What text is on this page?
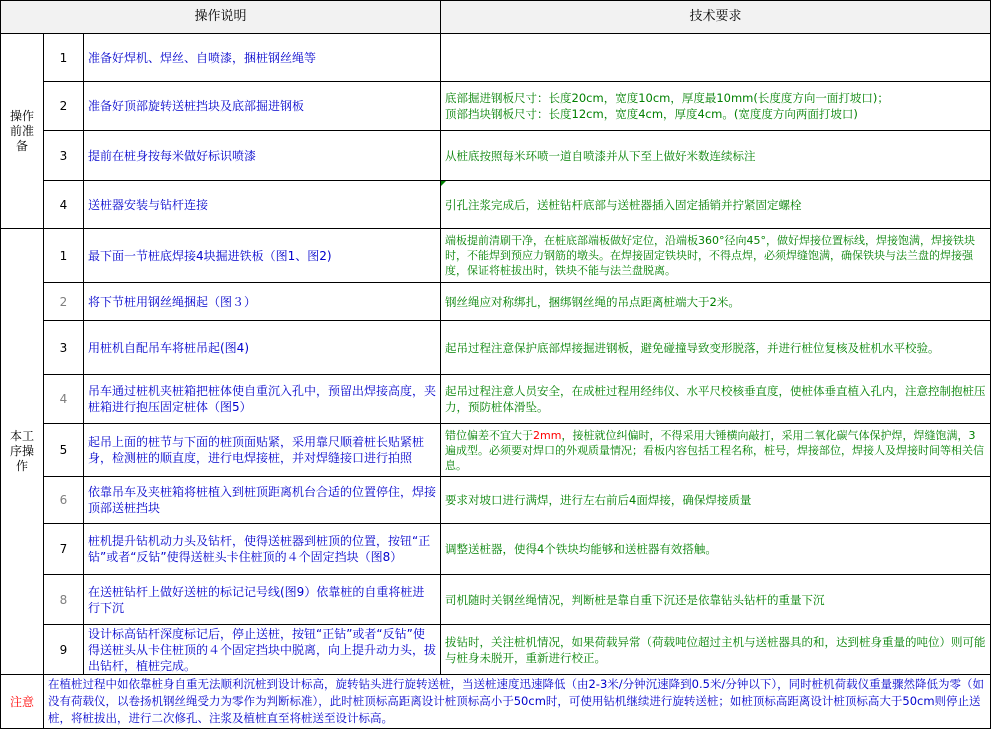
操作说明			技术要求
操作前准备	1	准备好焊机、焊丝、自喷漆，捆桩钢丝绳等	
	2	准备好顶部旋转送桩挡块及底部掘进钢板	底部掘进钢板尺寸：长度20cm，宽度10cm，厚度最10mm(长度度方向一面打坡口)；
顶部挡块钢板尺寸：长度12cm，宽度4cm，厚度4cm。(宽度度方向两面打坡口)
	3	提前在桩身按每米做好标识喷漆	从桩底按照每米环喷一道自喷漆并从下至上做好米数连续标注
	4	送桩器安装与钻杆连接	引孔注浆完成后，送桩钻杆底部与送桩器插入固定插销并拧紧固定螺栓
本工序操作	1	最下面一节桩底焊接4块掘进铁板（图1、图2)	端板提前清刷干净，在桩底部端板做好定位，沿端板360°径向45°，做好焊接位置标线，焊接饱满，焊接铁块时，不能焊到预应力钢筋的墩头。在焊接固定铁块时，不得点焊，必须焊缝饱满，确保铁块与法兰盘的焊接强度，保证将桩拔出时，铁块不能与法兰盘脱离。
	2	将下节桩用钢丝绳捆起（图３）	钢丝绳应对称绑扎，捆绑钢丝绳的吊点距离桩端大于2米。
	3	用桩机自配吊车将桩吊起(图4)	起吊过程注意保护底部焊接掘进钢板，避免碰撞导致变形脱落，并进行桩位复核及桩机水平校验。
	4	吊车通过桩机夹桩箱把桩体使自重沉入孔中，预留出焊接高度，夹桩箱进行抱压固定桩体（图5）	起吊过程注意人员安全，在成桩过程用经纬仪、水平尺校核垂直度，使桩体垂直植入孔内，注意控制抱桩压力，预防桩体滑坠。
	5	起吊上面的桩节与下面的桩顶面贴紧，采用靠尺顺着桩长贴紧桩身，检测桩的顺直度，进行电焊接桩，并对焊缝接口进行拍照	错位偏差不宜大于2mm，接桩就位纠偏时，不得采用大锤横向敲打，采用二氧化碳气体保护焊，焊缝饱满，3遍成型。必须要对焊口的外观质量情况；看板内容包括工程名称，桩号，焊接部位，焊接人及焊接时间等相关信息。
	6	依靠吊车及夹桩箱将桩植入到桩顶距离机台合适的位置停住，焊接顶部送桩挡块	要求对坡口进行满焊，进行左右前后4面焊接，确保焊接质量
	7	桩机提升钻机动力头及钻杆，使得送桩器到桩顶的位置，按钮“正钻”或者“反钻”使得送桩头卡住桩顶的４个固定挡块（图8）	调整送桩器，使得4个铁块均能够和送桩器有效搭触。
	8	在送桩钻杆上做好送桩的标记记号线(图9）依靠桩的自重将桩进行下沉	司机随时关钢丝绳情况，判断桩是靠自重下沉还是依靠钻头钻杆的重量下沉
	9	设计标高钻杆深度标记后，停止送桩，按钮“正钻”或者“反钻”使得送桩头从卡住桩顶的４个固定挡块中脱离，向上提升动力头，拔出钻杆，植桩完成。	拔钻时，关注桩机情况，如果荷载异常（荷载吨位超过主机与送桩器具的和，达到桩身重量的吨位）则可能与桩身未脱开，重新进行校正。
注意	在植桩过程中如依靠桩身自重无法顺利沉桩到设计标高，旋转钻头进行旋转送桩，当送桩速度迅速降低（由2-3米/分钟沉速降到0.5米/分钟以下），同时桩机荷载仪重量骤然降低为零（如没有荷载仪，以卷扬机钢丝绳受力为零作为判断标准），此时桩顶标高距离设计桩顶标高小于50cm时，可使用钻机继续进行旋转送桩；如桩顶标高距离设计桩顶标高大于50cm则停止送桩，将桩拔出，进行二次修孔、注浆及植桩直至将桩送至设计标高。		
